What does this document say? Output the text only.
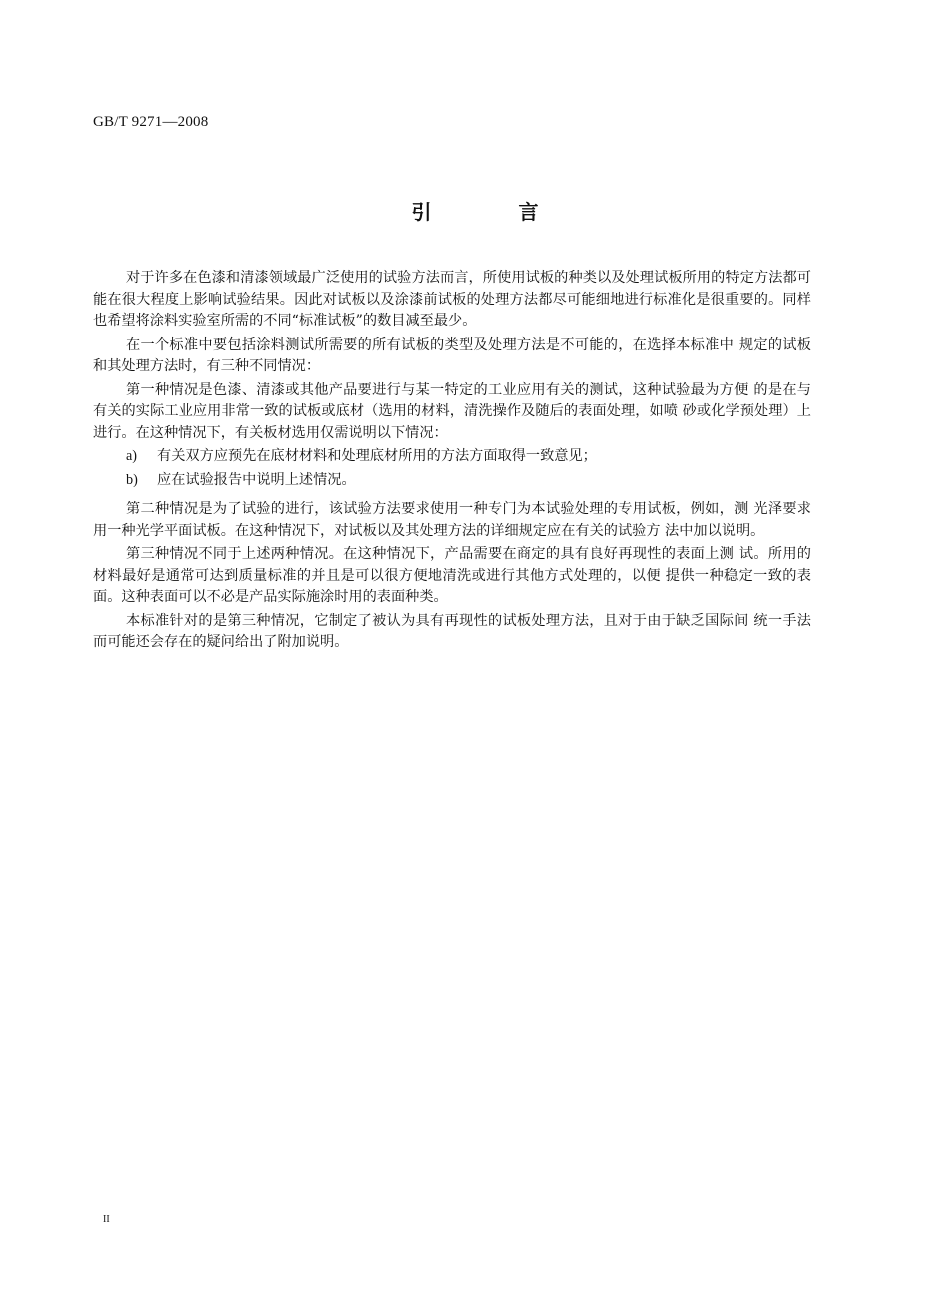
GB/T 9271—2008
引 言

对于许多在色漆和清漆领域最广泛使用的试验方法而言，所使用试板的种类以及处理试板所用的特定方法都可能在很大程度上影响试验结果。因此对试板以及涂漆前试板的处理方法都尽可能细地进行标准化是很重要的。同样也希望将涂料实验室所需的不同“标准试板”的数目减至最少。

在一个标准中要包括涂料测试所需要的所有试板的类型及处理方法是不可能的，在选择本标准中 规定的试板和其处理方法时，有三种不同情况：

第一种情况是色漆、清漆或其他产品要进行与某一特定的工业应用有关的测试，这种试验最为方便 的是在与有关的实际工业应用非常一致的试板或底材（选用的材料，清洗操作及随后的表面处理，如喷 砂或化学预处理）上进行。在这种情况下，有关板材选用仅需说明以下情况：

a)	有关双方应预先在底材材料和处理底材所用的方法方面取得一致意见；
b)	应在试验报告中说明上述情况。

第二种情况是为了试验的进行，该试验方法要求使用一种专门为本试验处理的专用试板，例如，测 光泽要求用一种光学平面试板。在这种情况下，对试板以及其处理方法的详细规定应在有关的试验方 法中加以说明。

第三种情况不同于上述两种情况。在这种情况下，产品需要在商定的具有良好再现性的表面上测 试。所用的材料最好是通常可达到质量标准的并且是可以很方便地清洗或进行其他方式处理的，以便 提供一种稳定一致的表面。这种表面可以不必是产品实际施涂时用的表面种类。

本标准针对的是第三种情况，它制定了被认为具有再现性的试板处理方法，且对于由于缺乏国际间 统一手法而可能还会存在的疑问给出了附加说明。

II
